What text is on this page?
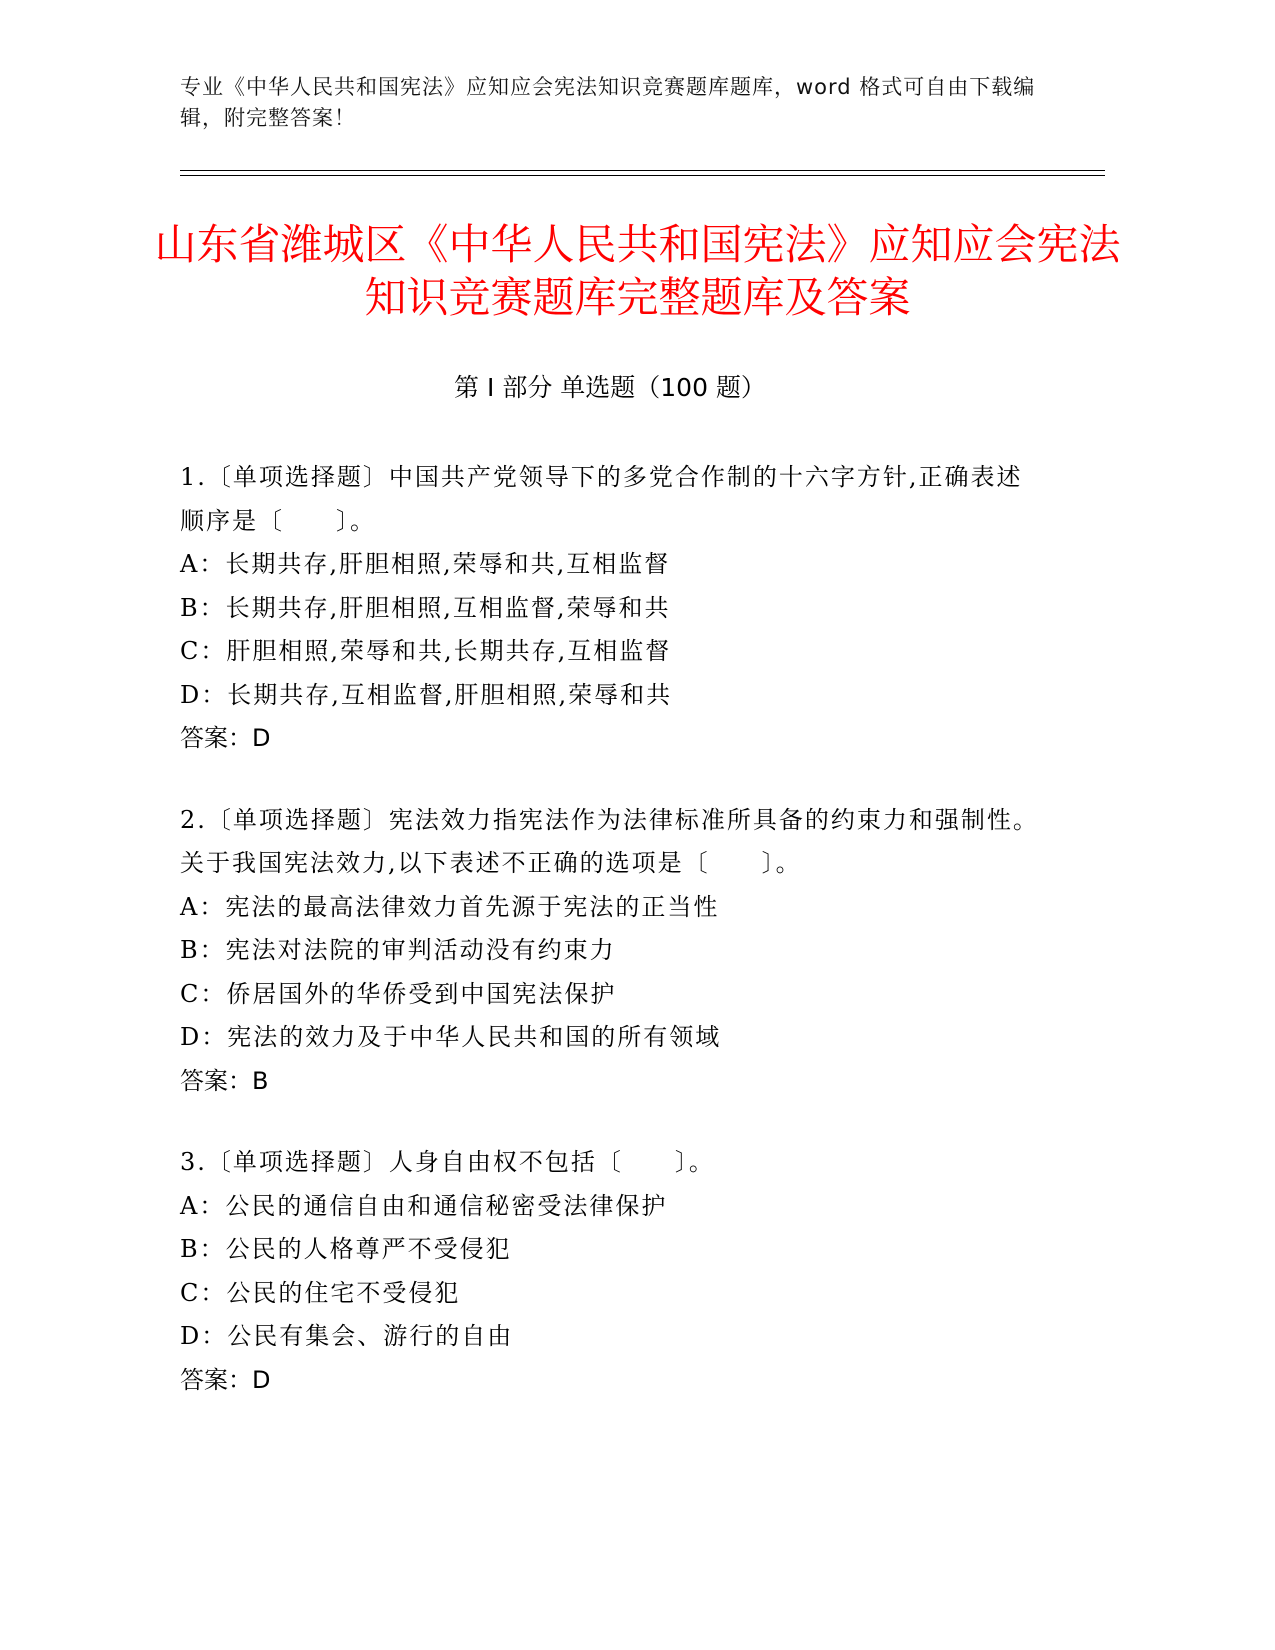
专业《中华人民共和国宪法》应知应会宪法知识竞赛题库题库，word 格式可自由下载编辑，附完整答案！
山东省潍城区《中华人民共和国宪法》应知应会宪法知识竞赛题库完整题库及答案
第 I 部分 单选题（100 题）

1.〔单项选择题〕中国共产党领导下的多党合作制的十六字方针,正确表述顺序是〔　　〕。

A：长期共存,肝胆相照,荣辱和共,互相监督

B：长期共存,肝胆相照,互相监督,荣辱和共

C：肝胆相照,荣辱和共,长期共存,互相监督

D：长期共存,互相监督,肝胆相照,荣辱和共

答案：D

2.〔单项选择题〕宪法效力指宪法作为法律标准所具备的约束力和强制性。关于我国宪法效力,以下表述不正确的选项是〔　　〕。

A：宪法的最高法律效力首先源于宪法的正当性

B：宪法对法院的审判活动没有约束力

C：侨居国外的华侨受到中国宪法保护

D：宪法的效力及于中华人民共和国的所有领域

答案：B

3.〔单项选择题〕人身自由权不包括〔　　〕。

A：公民的通信自由和通信秘密受法律保护

B：公民的人格尊严不受侵犯

C：公民的住宅不受侵犯

D：公民有集会、游行的自由

答案：D
